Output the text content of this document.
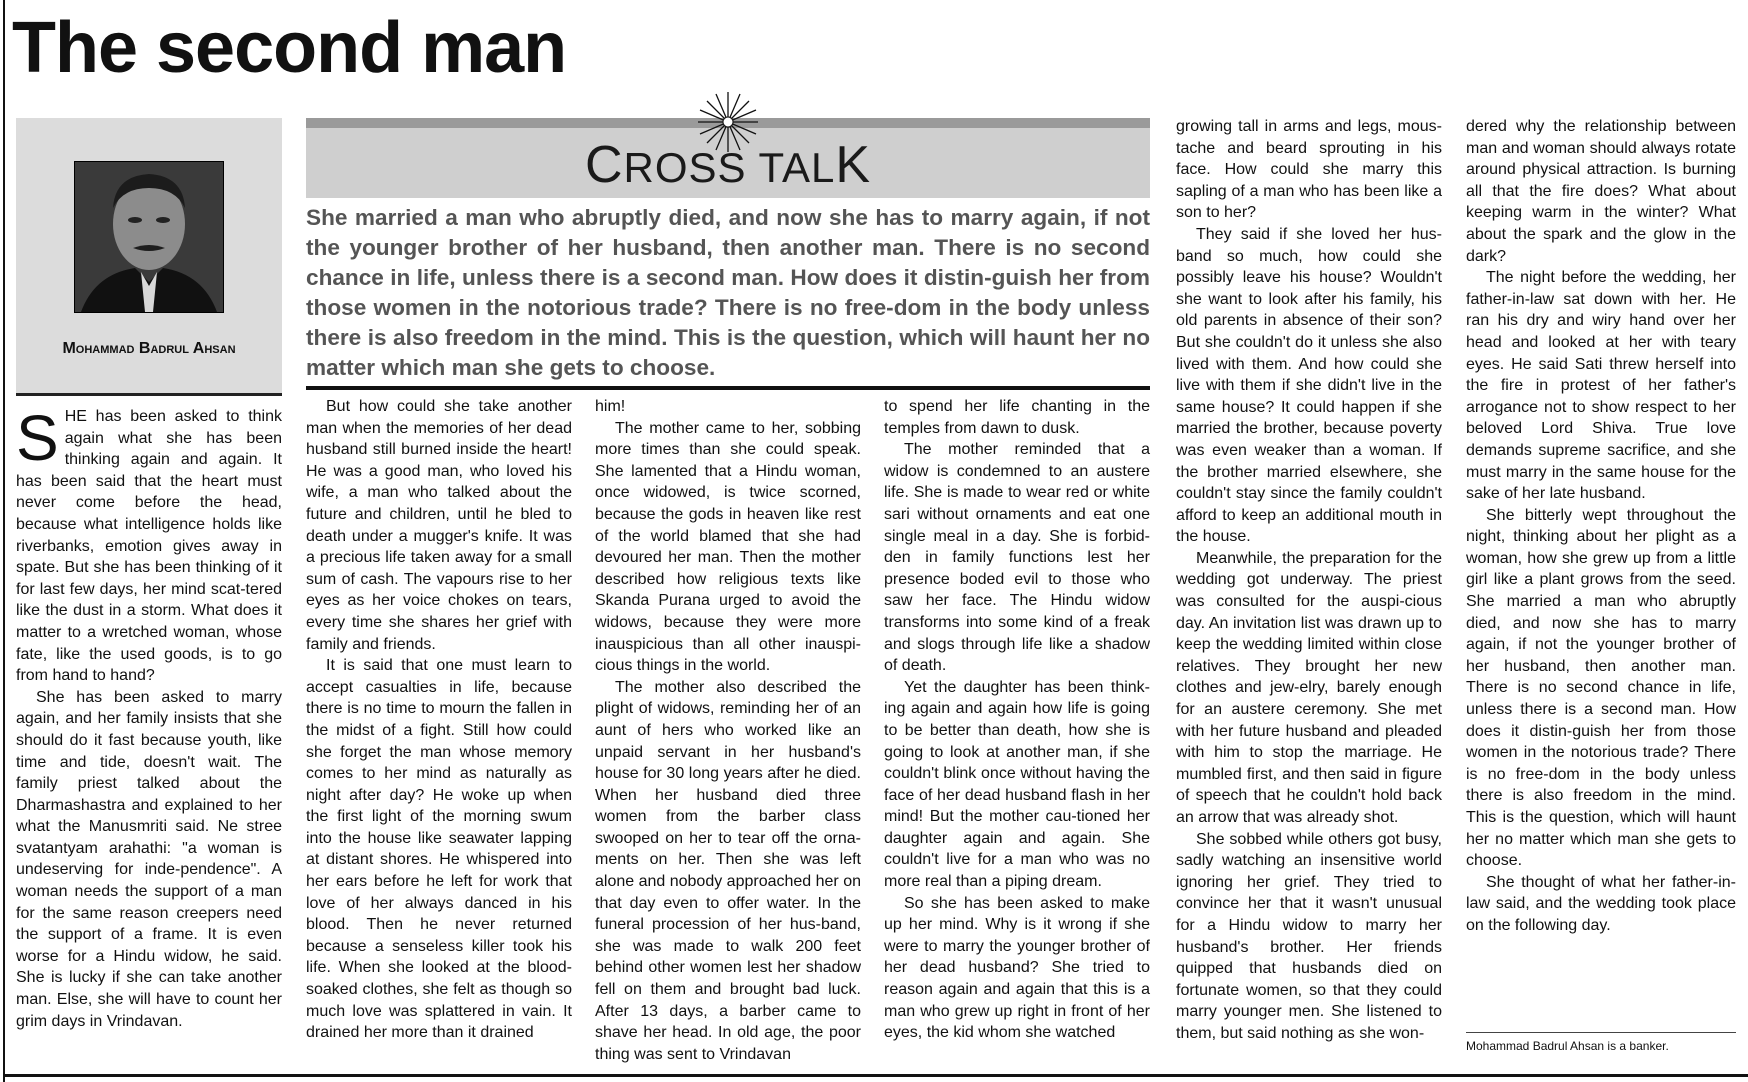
The second man
Mohammad Badrul Ahsan
CROSS TALK
She married a man who abruptly died, and now she has to marry again, if not the younger brother of her husband, then another man. There is no second chance in life, unless there is a second man. How does it distin-guish her from those women in the notorious trade? There is no free-dom in the body unless there is also freedom in the mind. This is the question, which will haunt her no matter which man she gets to choose.

SHE has been asked to think again what she has been thinking again and again. It has been said that the heart must never come before the head, because what intelligence holds like riverbanks, emotion gives away in spate. But she has been thinking of it for last few days, her mind scat-tered like the dust in a storm. What does it matter to a wretched woman, whose fate, like the used goods, is to go from hand to hand?

She has been asked to marry again, and her family insists that she should do it fast because youth, like time and tide, doesn't wait. The family priest talked about the Dharmashastra and explained to her what the Manusmriti said. Ne stree svatantyam arahathi: "a woman is undeserving for inde-pendence". A woman needs the support of a man for the same reason creepers need the support of a frame. It is even worse for a Hindu widow, he said. She is lucky if she can take another man. Else, she will have to count her grim days in Vrindavan.

But how could she take another man when the memories of her dead husband still burned inside the heart! He was a good man, who loved his wife, a man who talked about the future and children, until he bled to death under a mugger's knife. It was a precious life taken away for a small sum of cash. The vapours rise to her eyes as her voice chokes on tears, every time she shares her grief with family and friends.

It is said that one must learn to accept casualties in life, because there is no time to mourn the fallen in the midst of a fight. Still how could she forget the man whose memory comes to her mind as naturally as night after day? He woke up when the first light of the morning swum into the house like seawater lapping at distant shores. He whispered into her ears before he left for work that love of her always danced in his blood. Then he never returned because a senseless killer took his life. When she looked at the blood-soaked clothes, she felt as though so much love was splattered in vain. It drained her more than it drained

him!

The mother came to her, sobbing more times than she could speak. She lamented that a Hindu woman, once widowed, is twice scorned, because the gods in heaven like rest of the world blamed that she had devoured her man. Then the mother described how religious texts like Skanda Purana urged to avoid the widows, because they were more inauspicious than all other inauspi-cious things in the world.

The mother also described the plight of widows, reminding her of an aunt of hers who worked like an unpaid servant in her husband's house for 30 long years after he died. When her husband died three women from the barber class swooped on her to tear off the orna-ments on her. Then she was left alone and nobody approached her on that day even to offer water. In the funeral procession of her hus-band, she was made to walk 200 feet behind other women lest her shadow fell on them and brought bad luck. After 13 days, a barber came to shave her head. In old age, the poor thing was sent to Vrindavan

to spend her life chanting in the temples from dawn to dusk.

The mother reminded that a widow is condemned to an austere life. She is made to wear red or white sari without ornaments and eat one single meal in a day. She is forbid-den in family functions lest her presence boded evil to those who saw her face. The Hindu widow transforms into some kind of a freak and slogs through life like a shadow of death.

Yet the daughter has been think-ing again and again how life is going to be better than death, how she is going to look at another man, if she couldn't blink once without having the face of her dead husband flash in her mind! But the mother cau-tioned her daughter again and again. She couldn't live for a man who was no more real than a piping dream.

So she has been asked to make up her mind. Why is it wrong if she were to marry the younger brother of her dead husband? She tried to reason again and again that this is a man who grew up right in front of her eyes, the kid whom she watched

growing tall in arms and legs, mous-tache and beard sprouting in his face. How could she marry this sapling of a man who has been like a son to her?

They said if she loved her hus-band so much, how could she possibly leave his house? Wouldn't she want to look after his family, his old parents in absence of their son? But she couldn't do it unless she also lived with them. And how could she live with them if she didn't live in the same house? It could happen if she married the brother, because poverty was even weaker than a woman. If the brother married elsewhere, she couldn't stay since the family couldn't afford to keep an additional mouth in the house.

Meanwhile, the preparation for the wedding got underway. The priest was consulted for the auspi-cious day. An invitation list was drawn up to keep the wedding limited within close relatives. They brought her new clothes and jew-elry, barely enough for an austere ceremony. She met with her future husband and pleaded with him to stop the marriage. He mumbled first, and then said in figure of speech that he couldn't hold back an arrow that was already shot.

She sobbed while others got busy, sadly watching an insensitive world ignoring her grief. They tried to convince her that it wasn't unusual for a Hindu widow to marry her husband's brother. Her friends quipped that husbands died on fortunate women, so that they could marry younger men. She listened to them, but said nothing as she won-

dered why the relationship between man and woman should always rotate around physical attraction. Is burning all that the fire does? What about keeping warm in the winter? What about the spark and the glow in the dark?

The night before the wedding, her father-in-law sat down with her. He ran his dry and wiry hand over her head and looked at her with teary eyes. He said Sati threw herself into the fire in protest of her father's arrogance not to show respect to her beloved Lord Shiva. True love demands supreme sacrifice, and she must marry in the same house for the sake of her late husband.

She bitterly wept throughout the night, thinking about her plight as a woman, how she grew up from a little girl like a plant grows from the seed. She married a man who abruptly died, and now she has to marry again, if not the younger brother of her husband, then another man. There is no second chance in life, unless there is a second man. How does it distin-guish her from those women in the notorious trade? There is no free-dom in the body unless there is also freedom in the mind. This is the question, which will haunt her no matter which man she gets to choose.

She thought of what her father-in-law said, and the wedding took place on the following day.

Mohammad Badrul Ahsan is a banker.
